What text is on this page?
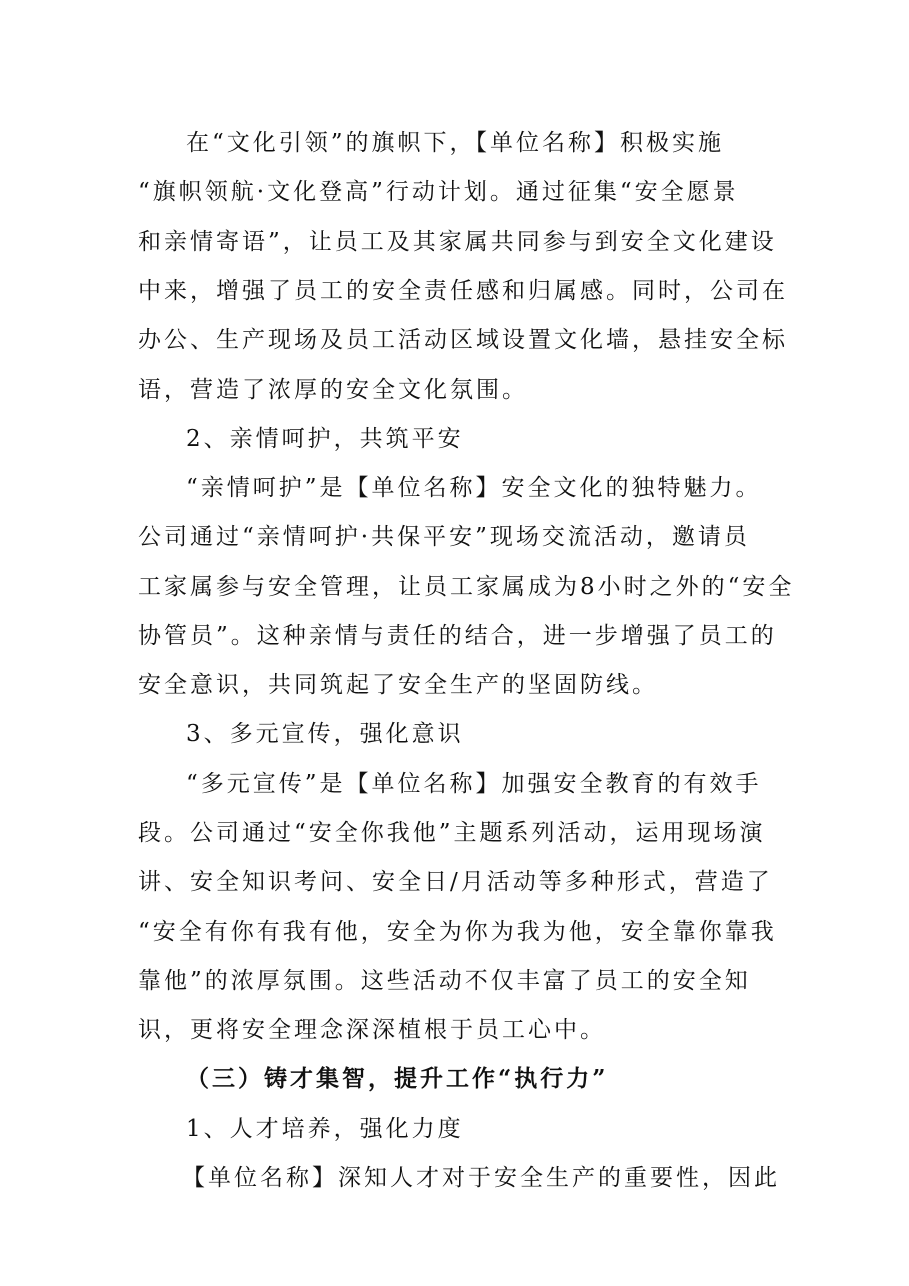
在“文化引领”的旗帜下，【单位名称】积极实施
“旗帜领航·文化登高”行动计划。通过征集“安全愿景
和亲情寄语”，让员工及其家属共同参与到安全文化建设
中来，增强了员工的安全责任感和归属感。同时，公司在
办公、生产现场及员工活动区域设置文化墙，悬挂安全标
语，营造了浓厚的安全文化氛围。
2、亲情呵护，共筑平安
“亲情呵护”是【单位名称】安全文化的独特魅力。
公司通过“亲情呵护·共保平安”现场交流活动，邀请员
工家属参与安全管理，让员工家属成为8小时之外的“安全
协管员”。这种亲情与责任的结合，进一步增强了员工的
安全意识，共同筑起了安全生产的坚固防线。
3、多元宣传，强化意识
“多元宣传”是【单位名称】加强安全教育的有效手
段。公司通过“安全你我他”主题系列活动，运用现场演
讲、安全知识考问、安全日/月活动等多种形式，营造了
“安全有你有我有他，安全为你为我为他，安全靠你靠我
靠他”的浓厚氛围。这些活动不仅丰富了员工的安全知
识，更将安全理念深深植根于员工心中。
（三）铸才集智，提升工作“执行力”
1、人才培养，强化力度
【单位名称】深知人才对于安全生产的重要性，因此
